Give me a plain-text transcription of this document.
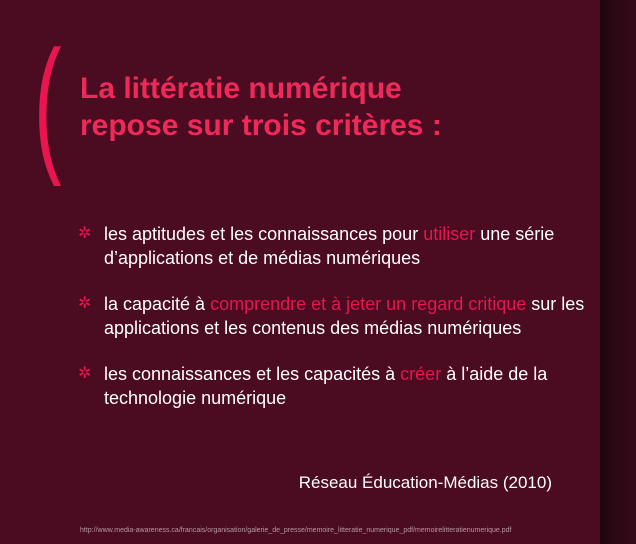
( La littératie numérique
repose sur trois critères :
✲ les aptitudes et les connaissances pour utiliser une série d’applications et de médias numériques
✲ la capacité à comprendre et à jeter un regard critique sur les applications et les contenus des médias numériques
✲ les connaissances et les capacités à créer à l’aide de la technologie numérique
Réseau Éducation-Médias (2010)
http://www.media-awareness.ca/francais/organisation/galerie_de_presse/memoire_litteratie_numerique_pdf/memoirelitteratienumerique.pdf
